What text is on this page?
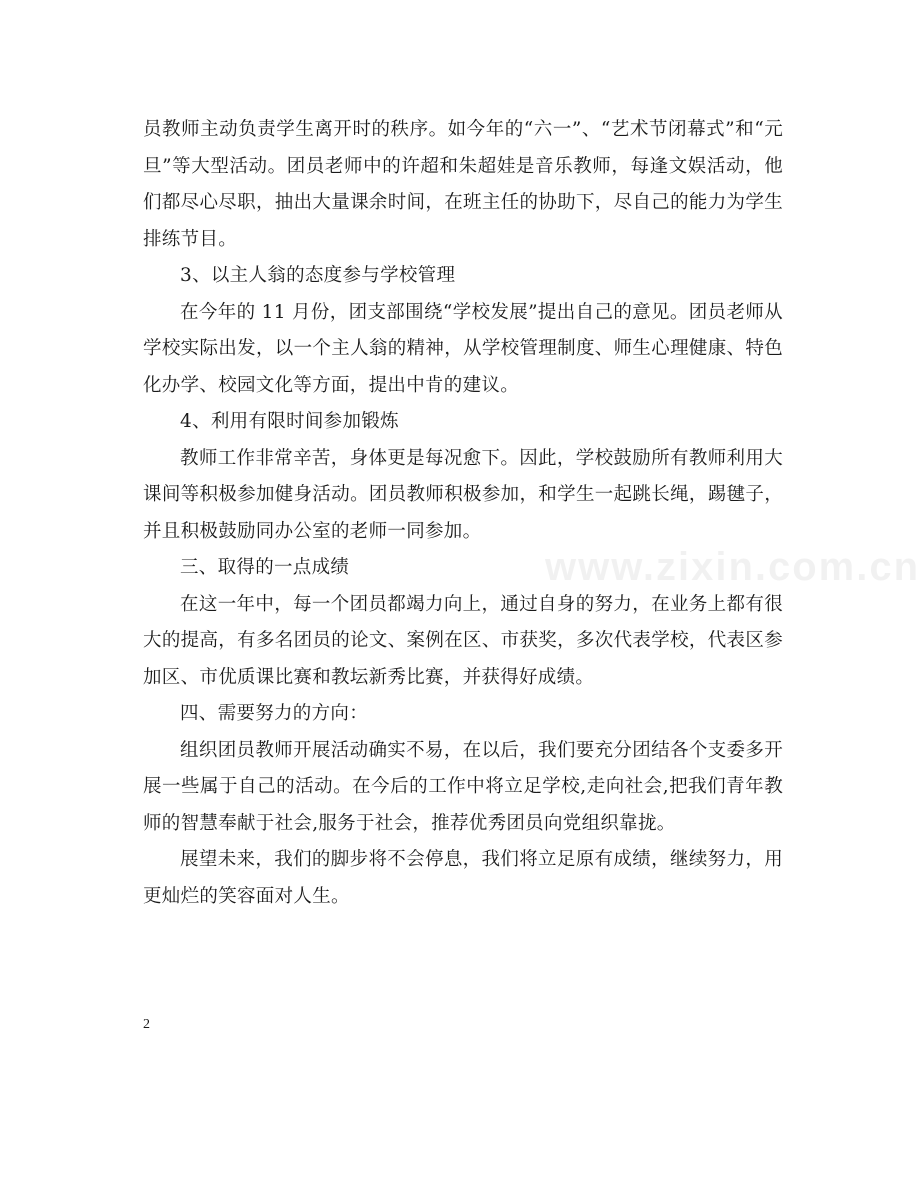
员教师主动负责学生离开时的秩序。如今年的“六一”、“艺术节闭幕式”和“元旦”等大型活动。团员老师中的许超和朱超娃是音乐教师，每逢文娱活动，他们都尽心尽职，抽出大量课余时间，在班主任的协助下，尽自己的能力为学生排练节目。

3、以主人翁的态度参与学校管理

在今年的 11 月份，团支部围绕“学校发展”提出自己的意见。团员老师从学校实际出发，以一个主人翁的精神，从学校管理制度、师生心理健康、特色化办学、校园文化等方面，提出中肯的建议。

4、利用有限时间参加锻炼

教师工作非常辛苦，身体更是每况愈下。因此，学校鼓励所有教师利用大课间等积极参加健身活动。团员教师积极参加，和学生一起跳长绳，踢毽子，并且积极鼓励同办公室的老师一同参加。

三、取得的一点成绩

在这一年中，每一个团员都竭力向上，通过自身的努力，在业务上都有很大的提高，有多名团员的论文、案例在区、市获奖，多次代表学校，代表区参加区、市优质课比赛和教坛新秀比赛，并获得好成绩。

四、需要努力的方向：

组织团员教师开展活动确实不易，在以后，我们要充分团结各个支委多开展一些属于自己的活动。在今后的工作中将立足学校,走向社会,把我们青年教师的智慧奉献于社会,服务于社会，推荐优秀团员向党组织靠拢。

展望未来，我们的脚步将不会停息，我们将立足原有成绩，继续努力，用更灿烂的笑容面对人生。

www.zixin.com.cn
2
